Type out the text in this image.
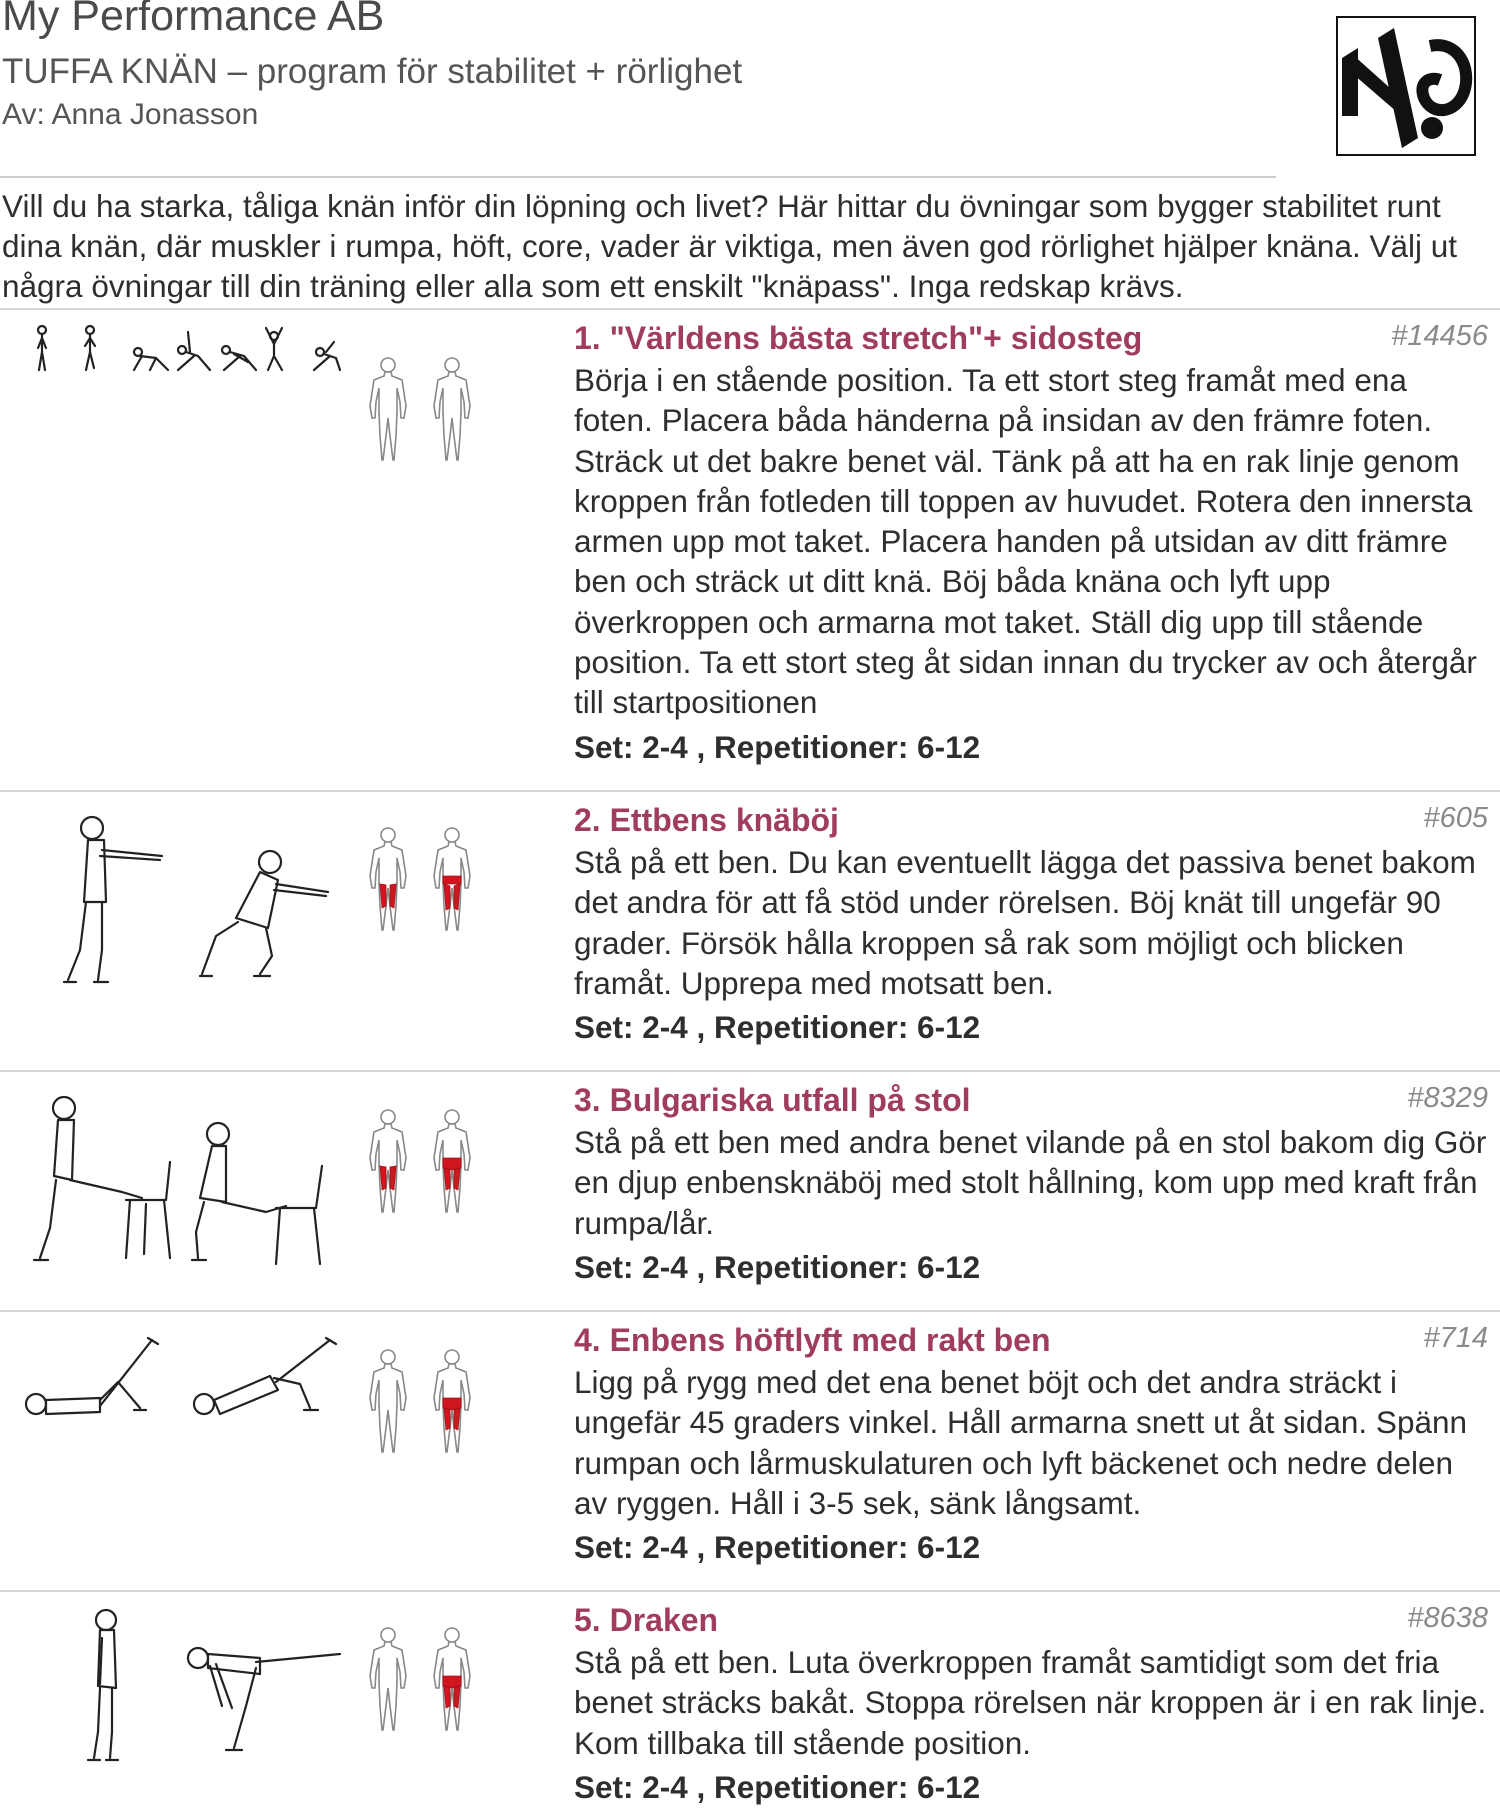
My Performance AB
TUFFA KNÄN – program för stabilitet + rörlighet
Av: Anna Jonasson
Vill du ha starka, tåliga knän inför din löpning och livet? Här hittar du övningar som bygger stabilitet runt dina knän, där muskler i rumpa, höft, core, vader är viktiga, men även god rörlighet hjälper knäna. Välj ut några övningar till din träning eller alla som ett enskilt "knäpass". Inga redskap krävs.
1. "Världens bästa stretch"+ sidosteg	#14456
Börja i en stående position. Ta ett stort steg framåt med ena foten. Placera båda händerna på insidan av den främre foten. Sträck ut det bakre benet väl. Tänk på att ha en rak linje genom kroppen från fotleden till toppen av huvudet. Rotera den innersta armen upp mot taket. Placera handen på utsidan av ditt främre ben och sträck ut ditt knä. Böj båda knäna och lyft upp överkroppen och armarna mot taket. Ställ dig upp till stående position. Ta ett stort steg åt sidan innan du trycker av och återgår till startpositionen
Set: 2-4 , Repetitioner: 6-12
2. Ettbens knäböj	#605
Stå på ett ben. Du kan eventuellt lägga det passiva benet bakom det andra för att få stöd under rörelsen. Böj knät till ungefär 90 grader. Försök hålla kroppen så rak som möjligt och blicken framåt. Upprepa med motsatt ben.
Set: 2-4 , Repetitioner: 6-12
3. Bulgariska utfall på stol	#8329
Stå på ett ben med andra benet vilande på en stol bakom dig Gör en djup enbensknäböj med stolt hållning, kom upp med kraft från rumpa/lår.
Set: 2-4 , Repetitioner: 6-12
4. Enbens höftlyft med rakt ben	#714
Ligg på rygg med det ena benet böjt och det andra sträckt i ungefär 45 graders vinkel. Håll armarna snett ut åt sidan. Spänn rumpan och lårmuskulaturen och lyft bäckenet och nedre delen av ryggen. Håll i 3-5 sek, sänk långsamt.
Set: 2-4 , Repetitioner: 6-12
5. Draken	#8638
Stå på ett ben. Luta överkroppen framåt samtidigt som det fria benet sträcks bakåt. Stoppa rörelsen när kroppen är i en rak linje. Kom tillbaka till stående position.
Set: 2-4 , Repetitioner: 6-12
